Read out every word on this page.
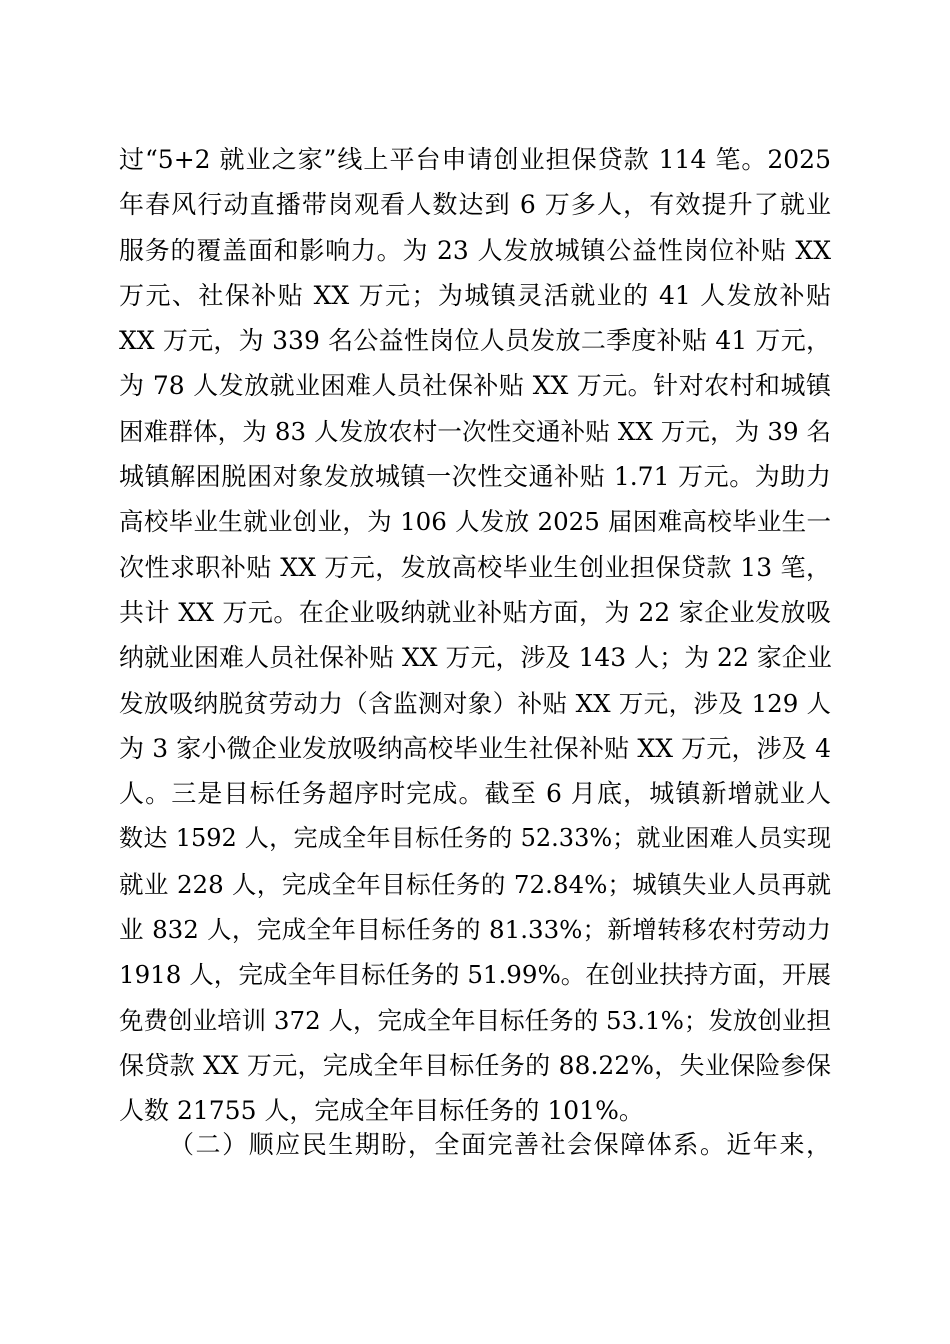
过“5+2 就业之家”线上平台申请创业担保贷款 114 笔。2025
年春风行动直播带岗观看人数达到 6 万多人，有效提升了就业
服务的覆盖面和影响力。为 23 人发放城镇公益性岗位补贴 XX
万元、社保补贴 XX 万元；为城镇灵活就业的 41 人发放补贴
XX 万元，为 339 名公益性岗位人员发放二季度补贴 41 万元，
为 78 人发放就业困难人员社保补贴 XX 万元。针对农村和城镇
困难群体，为 83 人发放农村一次性交通补贴 XX 万元，为 39 名
城镇解困脱困对象发放城镇一次性交通补贴 1.71 万元。为助力
高校毕业生就业创业，为 106 人发放 2025 届困难高校毕业生一
次性求职补贴 XX 万元，发放高校毕业生创业担保贷款 13 笔，
共计 XX 万元。在企业吸纳就业补贴方面，为 22 家企业发放吸
纳就业困难人员社保补贴 XX 万元，涉及 143 人；为 22 家企业
发放吸纳脱贫劳动力（含监测对象）补贴 XX 万元，涉及 129 人
为 3 家小微企业发放吸纳高校毕业生社保补贴 XX 万元，涉及 4
人。三是目标任务超序时完成。截至 6 月底，城镇新增就业人
数达 1592 人，完成全年目标任务的 52.33%；就业困难人员实现
就业 228 人，完成全年目标任务的 72.84%；城镇失业人员再就
业 832 人，完成全年目标任务的 81.33%；新增转移农村劳动力
1918 人，完成全年目标任务的 51.99%。在创业扶持方面，开展
免费创业培训 372 人，完成全年目标任务的 53.1%；发放创业担
保贷款 XX 万元，完成全年目标任务的 88.22%，失业保险参保
人数 21755 人，完成全年目标任务的 101%。
（二）顺应民生期盼，全面完善社会保障体系。近年来，
